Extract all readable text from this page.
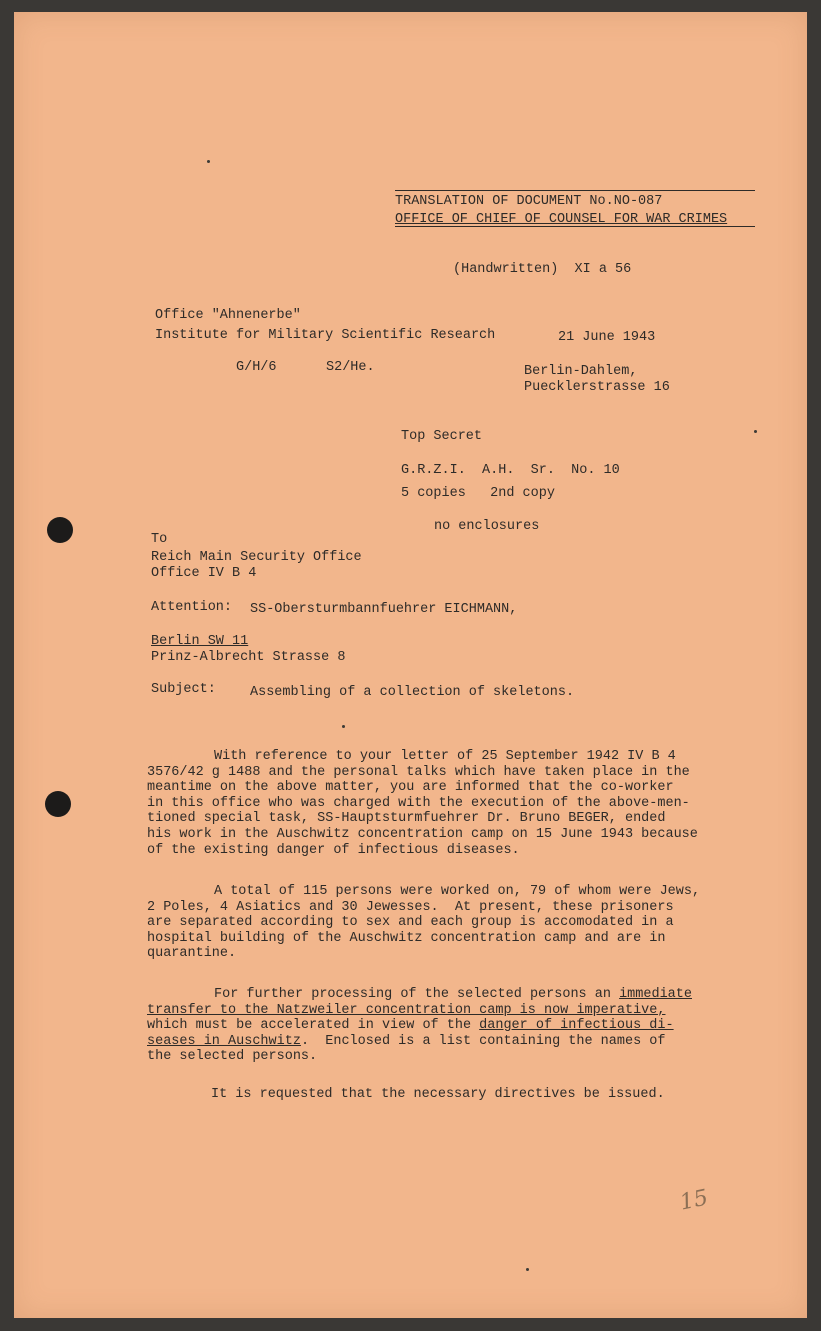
TRANSLATION OF DOCUMENT No.NO-087
OFFICE OF CHIEF OF COUNSEL FOR WAR CRIMES
(Handwritten)  XI a 56
Office "Ahnenerbe"
Institute for Military Scientific Research	21 June 1943
G/H/6	S2/He.	Berlin-Dahlem,
Puecklerstrasse 16
Top Secret
G.R.Z.I.  A.H.  Sr.  No. 10
5 copies   2nd copy
no enclosures
To
Reich Main Security Office
Office IV B 4
Attention: SS-Obersturmbannfuehrer EICHMANN,
Berlin SW 11
Prinz-Albrecht Strasse 8
Subject:	Assembling of a collection of skeletons.
With reference to your letter of 25 September 1942 IV B 4
3576/42 g 1488 and the personal talks which have taken place in the
meantime on the above matter, you are informed that the co-worker
in this office who was charged with the execution of the above-men-
tioned special task, SS-Hauptsturmfuehrer Dr. Bruno BEGER, ended
his work in the Auschwitz concentration camp on 15 June 1943 because
of the existing danger of infectious diseases.
A total of 115 persons were worked on, 79 of whom were Jews,
2 Poles, 4 Asiatics and 30 Jewesses.  At present, these prisoners
are separated according to sex and each group is accomodated in a
hospital building of the Auschwitz concentration camp and are in
quarantine.
For further processing of the selected persons an immediate
transfer to the Natzweiler concentration camp is now imperative,
which must be accelerated in view of the danger of infectious di-
seases in Auschwitz.  Enclosed is a list containing the names of
the selected persons.
It is requested that the necessary directives be issued.
15
